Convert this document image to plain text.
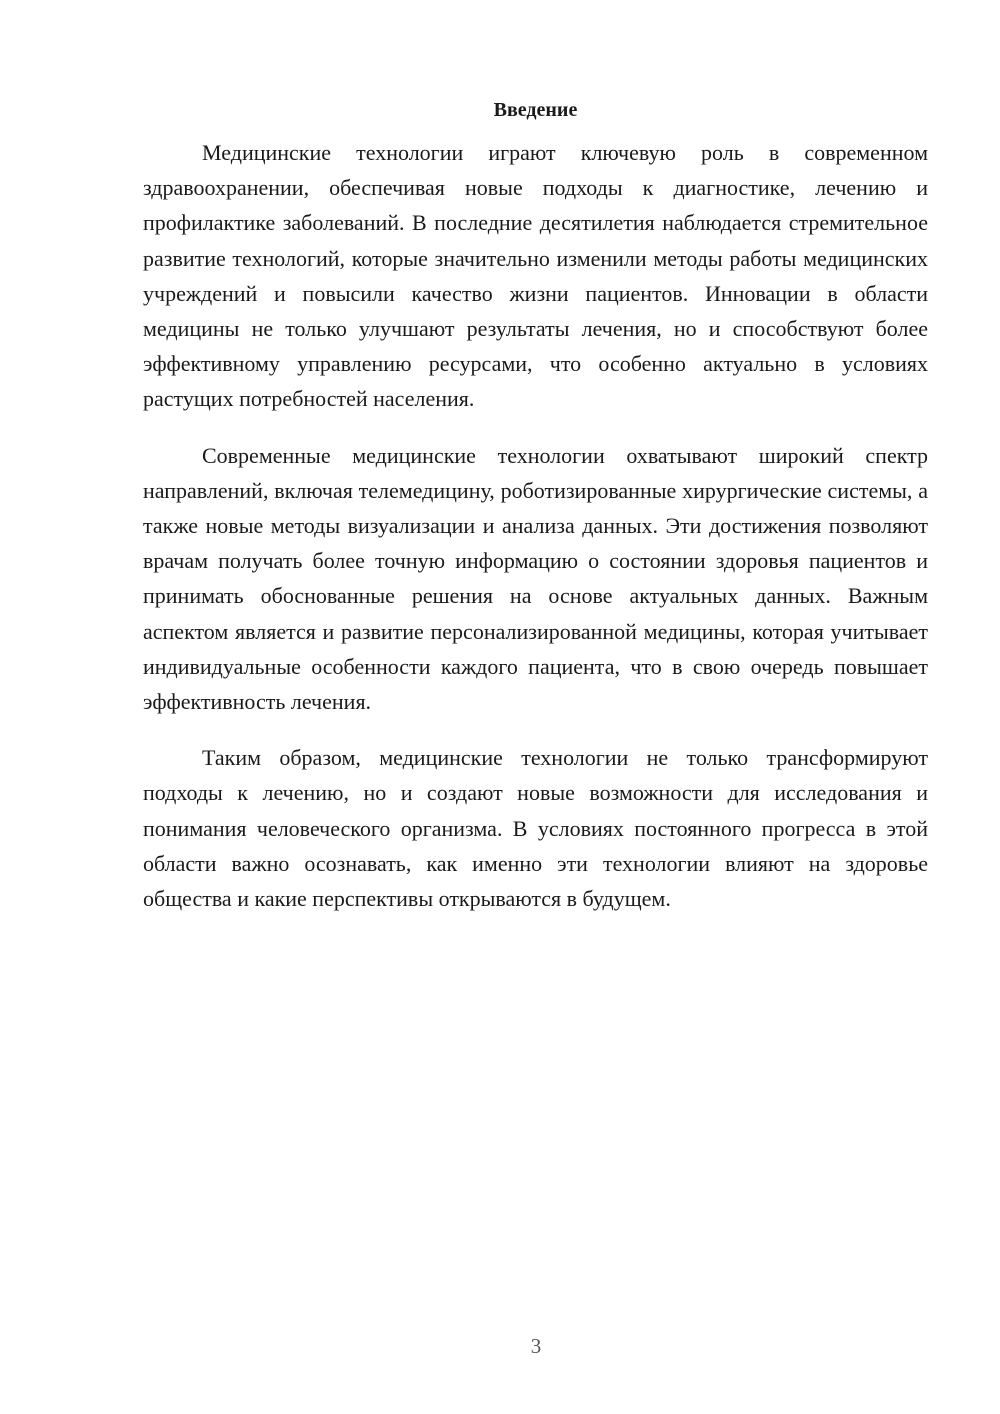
Введение

Медицинские технологии играют ключевую роль в современном здравоохранении, обеспечивая новые подходы к диагностике, лечению и профилактике заболеваний. В последние десятилетия наблюдается стремительное развитие технологий, которые значительно изменили методы работы медицинских учреждений и повысили качество жизни пациентов. Инновации в области медицины не только улучшают результаты лечения, но и способствуют более эффективному управлению ресурсами, что особенно актуально в условиях растущих потребностей населения.

Современные медицинские технологии охватывают широкий спектр направлений, включая телемедицину, роботизированные хирургические системы, а также новые методы визуализации и анализа данных. Эти достижения позволяют врачам получать более точную информацию о состоянии здоровья пациентов и принимать обоснованные решения на основе актуальных данных. Важным аспектом является и развитие персонализированной медицины, которая учитывает индивидуальные особенности каждого пациента, что в свою очередь повышает эффективность лечения.

Таким образом, медицинские технологии не только трансформируют подходы к лечению, но и создают новые возможности для исследования и понимания человеческого организма. В условиях постоянного прогресса в этой области важно осознавать, как именно эти технологии влияют на здоровье общества и какие перспективы открываются в будущем.

3
